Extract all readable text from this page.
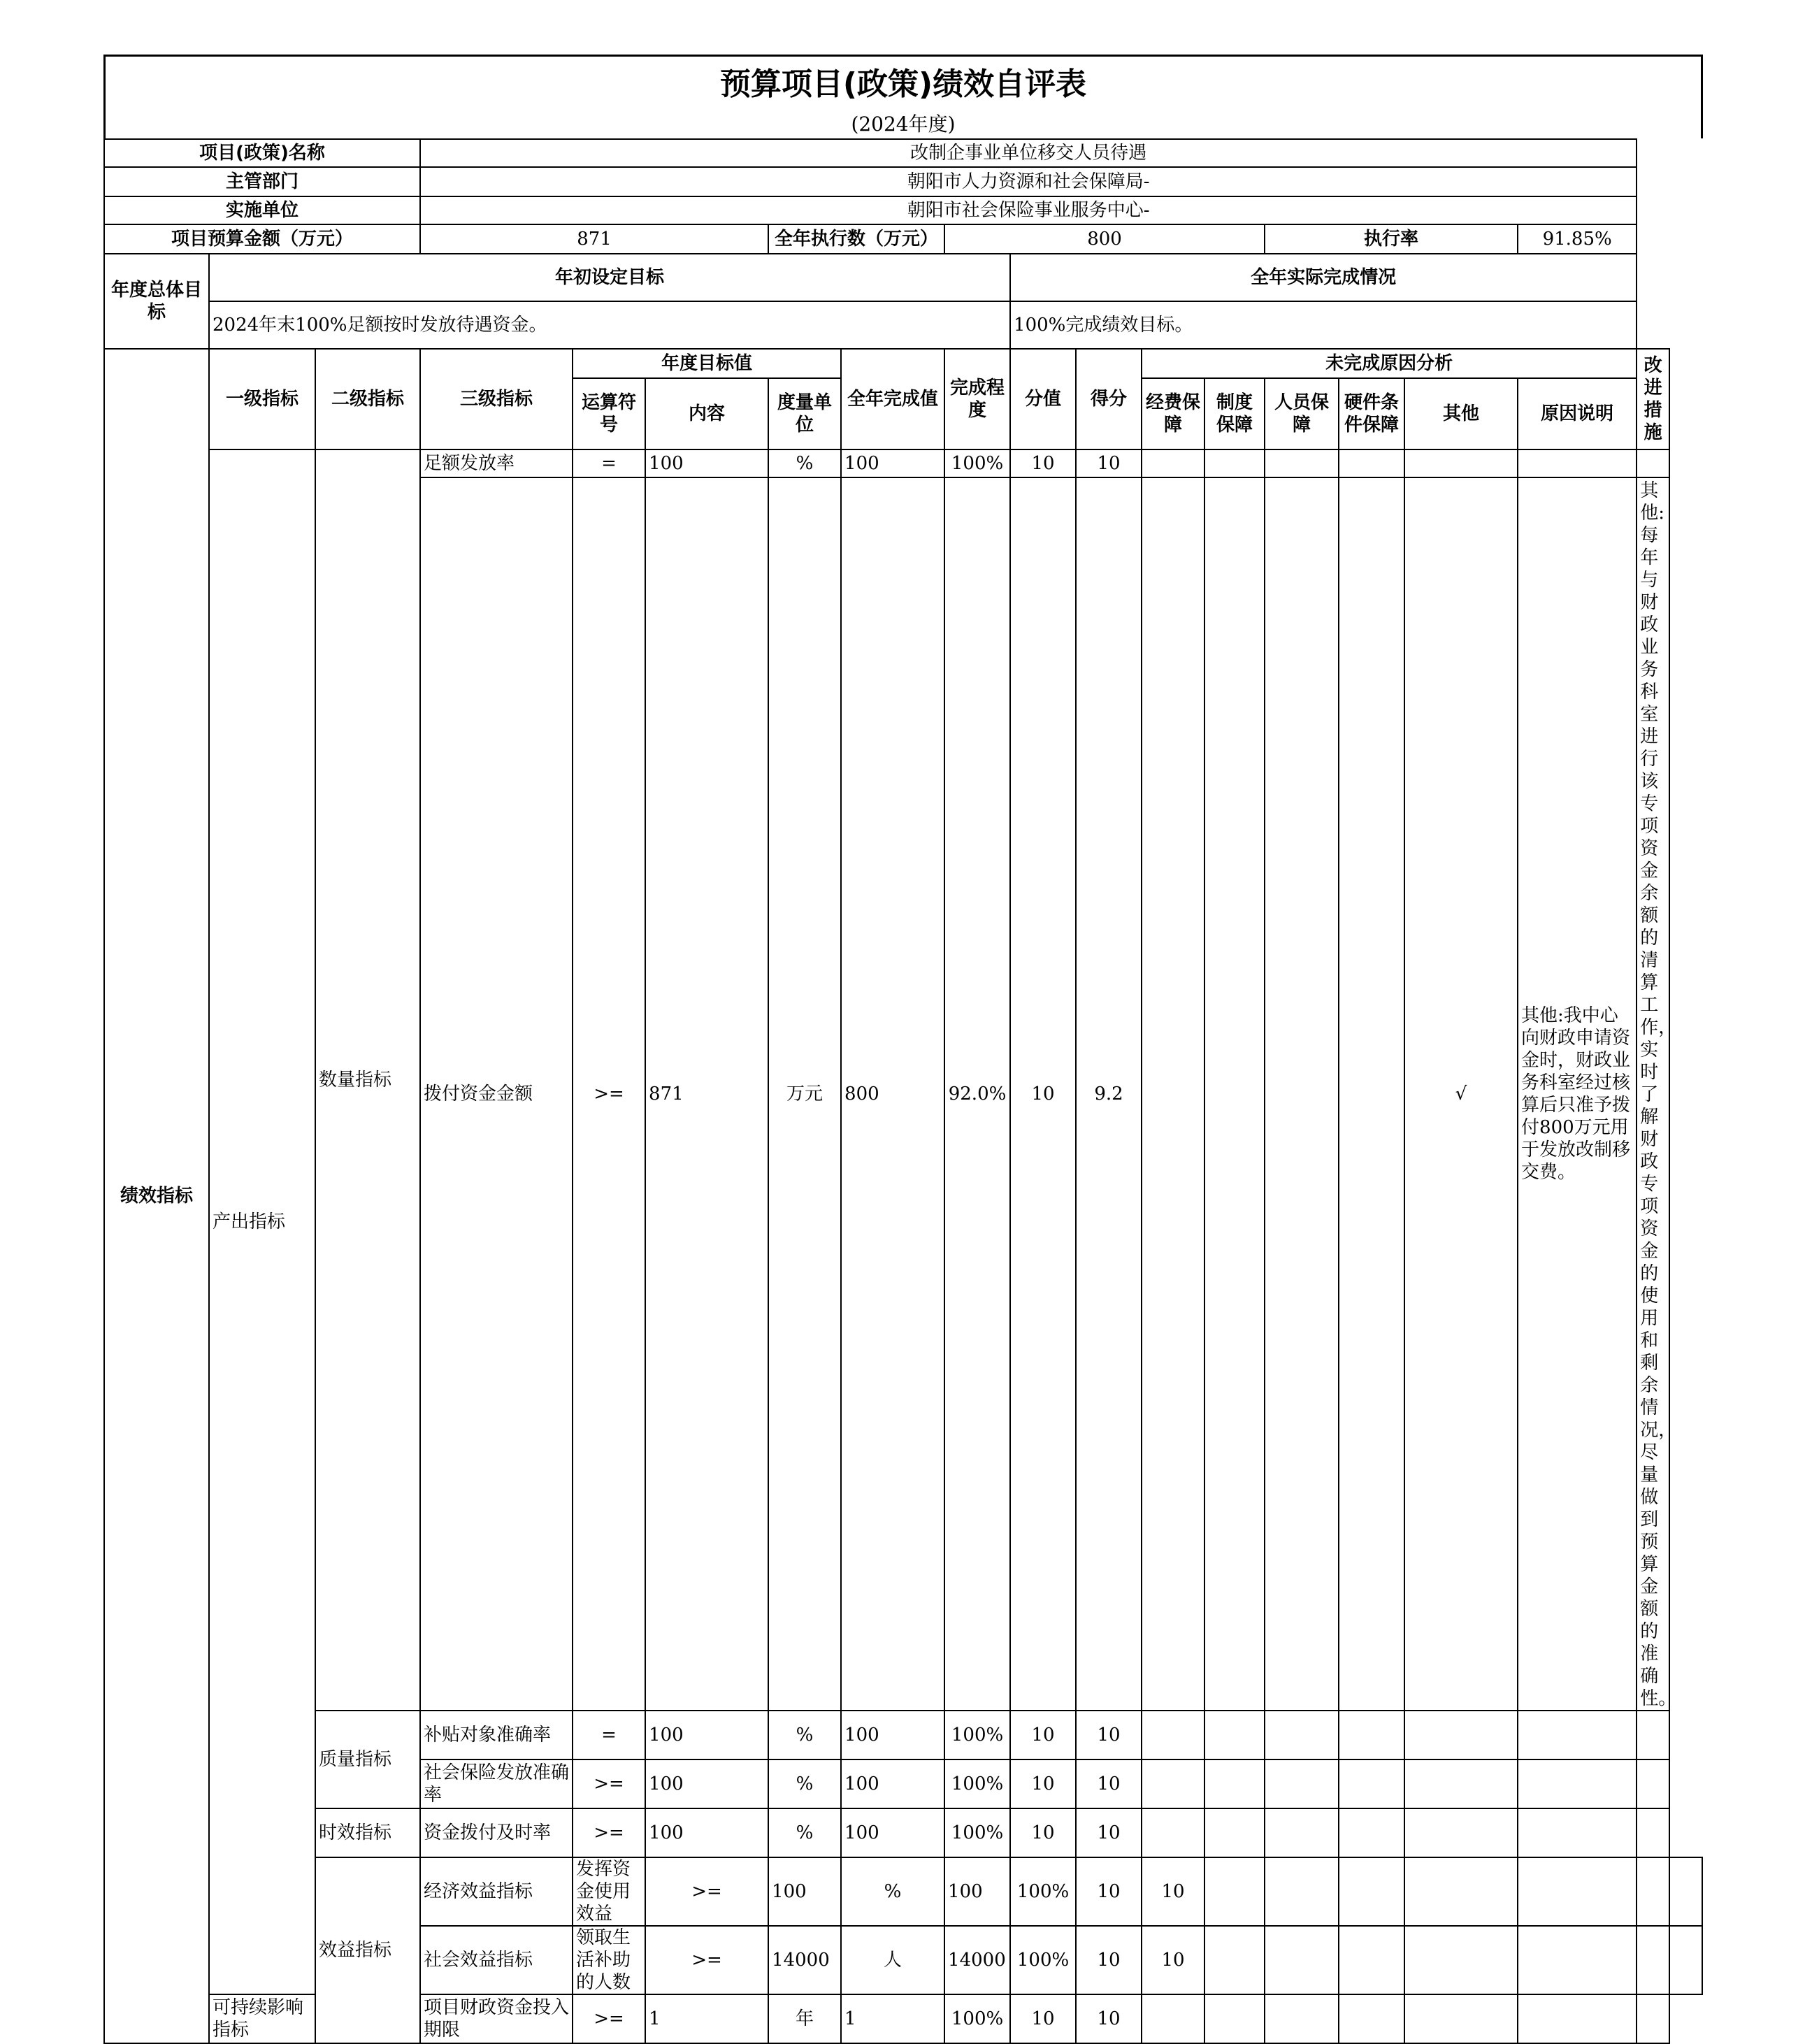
预算项目(政策)绩效自评表
(2024年度)
项目(政策)名称			改制企事业单位移交人员待遇															
主管部门			朝阳市人力资源和社会保障局-															
实施单位			朝阳市社会保险事业服务中心-															
项目预算金额（万元）			871			全年执行数（万元）		800					执行率			91.85%		
年度总体目标	年初设定目标								全年实际完成情况									
	2024年末100%足额按时发放待遇资金。								100%完成绩效目标。									
绩效指标	一级指标	二级指标	三级指标	年度目标值			全年完成值	完成程度	分值	得分	未完成原因分析						改进措施	
				运算符号	内容	度量单位					经费保障	制度保障	人员保障	硬件条件保障	其他	原因说明		
	产出指标	数量指标	足额发放率	=	100	%	100	100%	10	10								
			拨付资金金额	>=	871	万元	800	92.0%	10	9.2					√	其他:我中心向财政申请资金时，财政业务科室经过核算后只准予拨付800万元用于发放改制移交费。	其他:每年与财政业务科室进行该专项资金余额的清算工作，实时了解财政专项资金的使用和剩余情况，尽量做到预算金额的准确性。	
		质量指标	补贴对象准确率	=	100	%	100	100%	10	10								
			社会保险发放准确率	>=	100	%	100	100%	10	10								
		时效指标	资金拨付及时率	>=	100	%	100	100%	10	10								
		效益指标	经济效益指标	发挥资金使用效益	>=	100	%	100	100%	10	10							
			社会效益指标	领取生活补助的人数	>=	14000	人	14000	100%	10	10							
	可持续影响指标		项目财政资金投入期限	>=	1	年	1	100%	10	10								
